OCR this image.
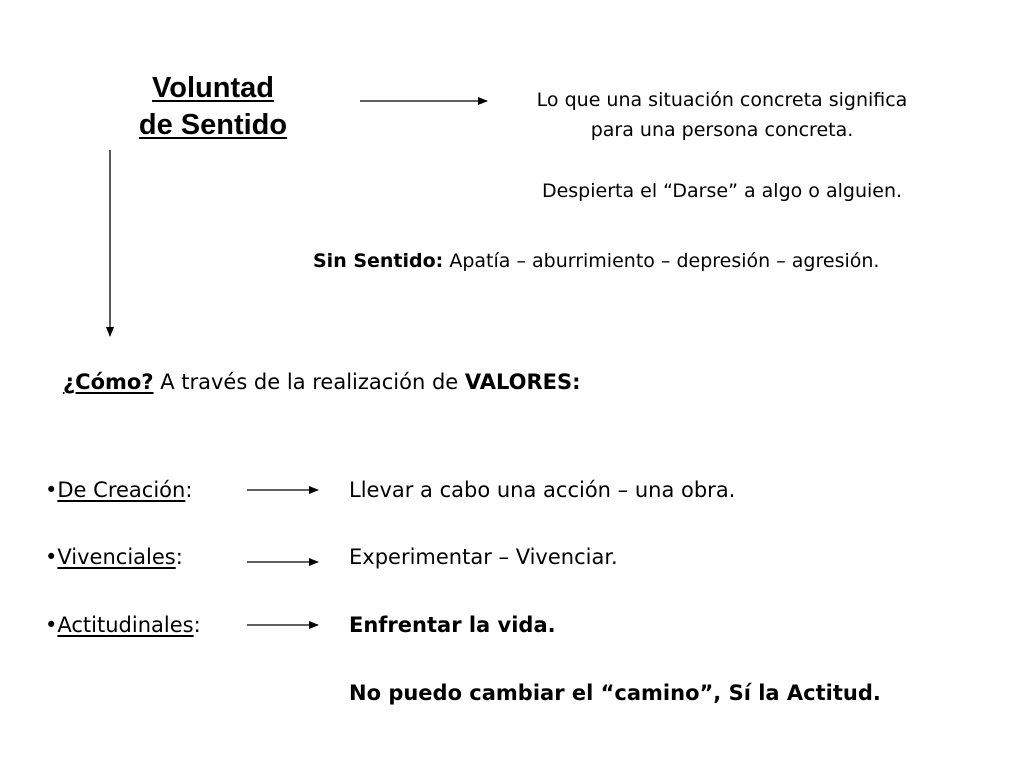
Voluntad
de Sentido
Lo que una situación concreta significa
para una persona concreta.
Despierta el “Darse” a algo o alguien.
Sin Sentido: Apatía – aburrimiento – depresión – agresión.
¿Cómo? A través de la realización de VALORES:
•De Creación:	Llevar a cabo una acción – una obra.
•Vivenciales:	Experimentar – Vivenciar.
•Actitudinales:	Enfrentar la vida.
No puedo cambiar el “camino”, Sí la Actitud.
